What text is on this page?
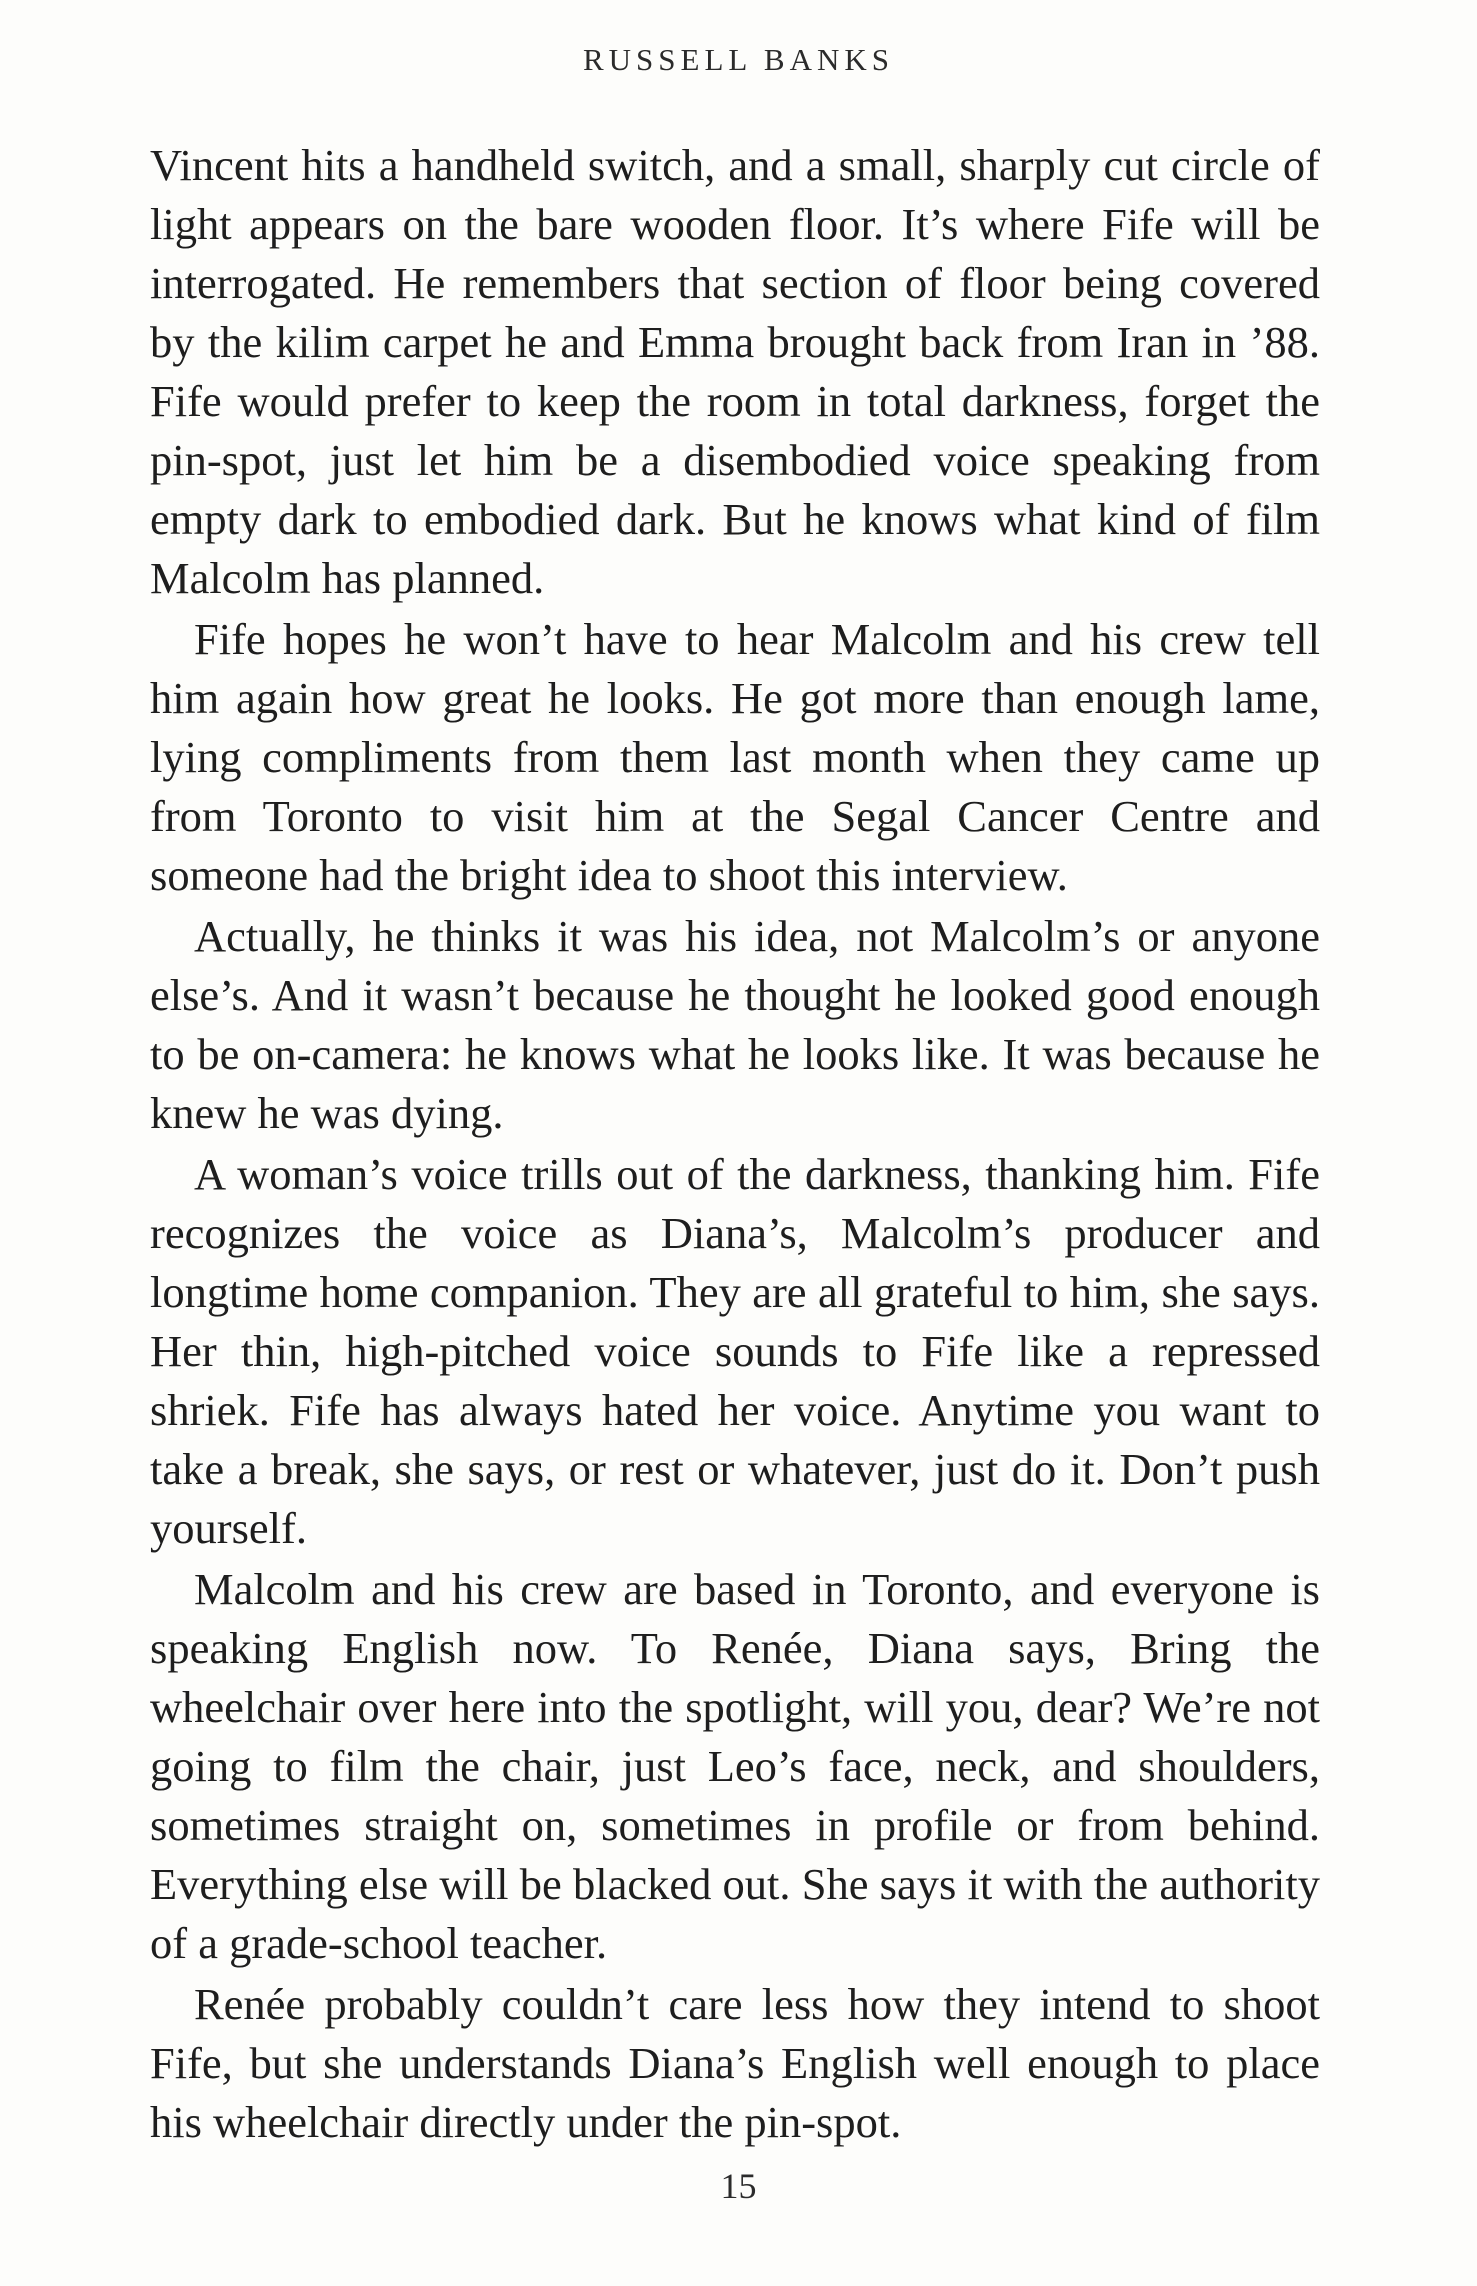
RUSSELL BANKS

Vincent hits a handheld switch, and a small, sharply cut circle of light appears on the bare wooden floor. It’s where Fife will be interrogated. He remembers that section of floor being covered by the kilim carpet he and Emma brought back from Iran in ’88. Fife would prefer to keep the room in total darkness, forget the pin-spot, just let him be a disembodied voice speaking from empty dark to embodied dark. But he knows what kind of film Malcolm has planned.

Fife hopes he won’t have to hear Malcolm and his crew tell him again how great he looks. He got more than enough lame, lying compliments from them last month when they came up from Toronto to visit him at the Segal Cancer Centre and someone had the bright idea to shoot this interview.

Actually, he thinks it was his idea, not Malcolm’s or anyone else’s. And it wasn’t because he thought he looked good enough to be on-camera: he knows what he looks like. It was because he knew he was dying.

A woman’s voice trills out of the darkness, thanking him. Fife recognizes the voice as Diana’s, Malcolm’s producer and longtime home companion. They are all grateful to him, she says. Her thin, high-pitched voice sounds to Fife like a repressed shriek. Fife has always hated her voice. Anytime you want to take a break, she says, or rest or whatever, just do it. Don’t push yourself.

Malcolm and his crew are based in Toronto, and everyone is speaking English now. To Renée, Diana says, Bring the wheelchair over here into the spotlight, will you, dear? We’re not going to film the chair, just Leo’s face, neck, and shoulders, sometimes straight on, sometimes in profile or from behind. Everything else will be blacked out. She says it with the authority of a grade-school teacher.

Renée probably couldn’t care less how they intend to shoot Fife, but she understands Diana’s English well enough to place his wheelchair directly under the pin-spot.

15
